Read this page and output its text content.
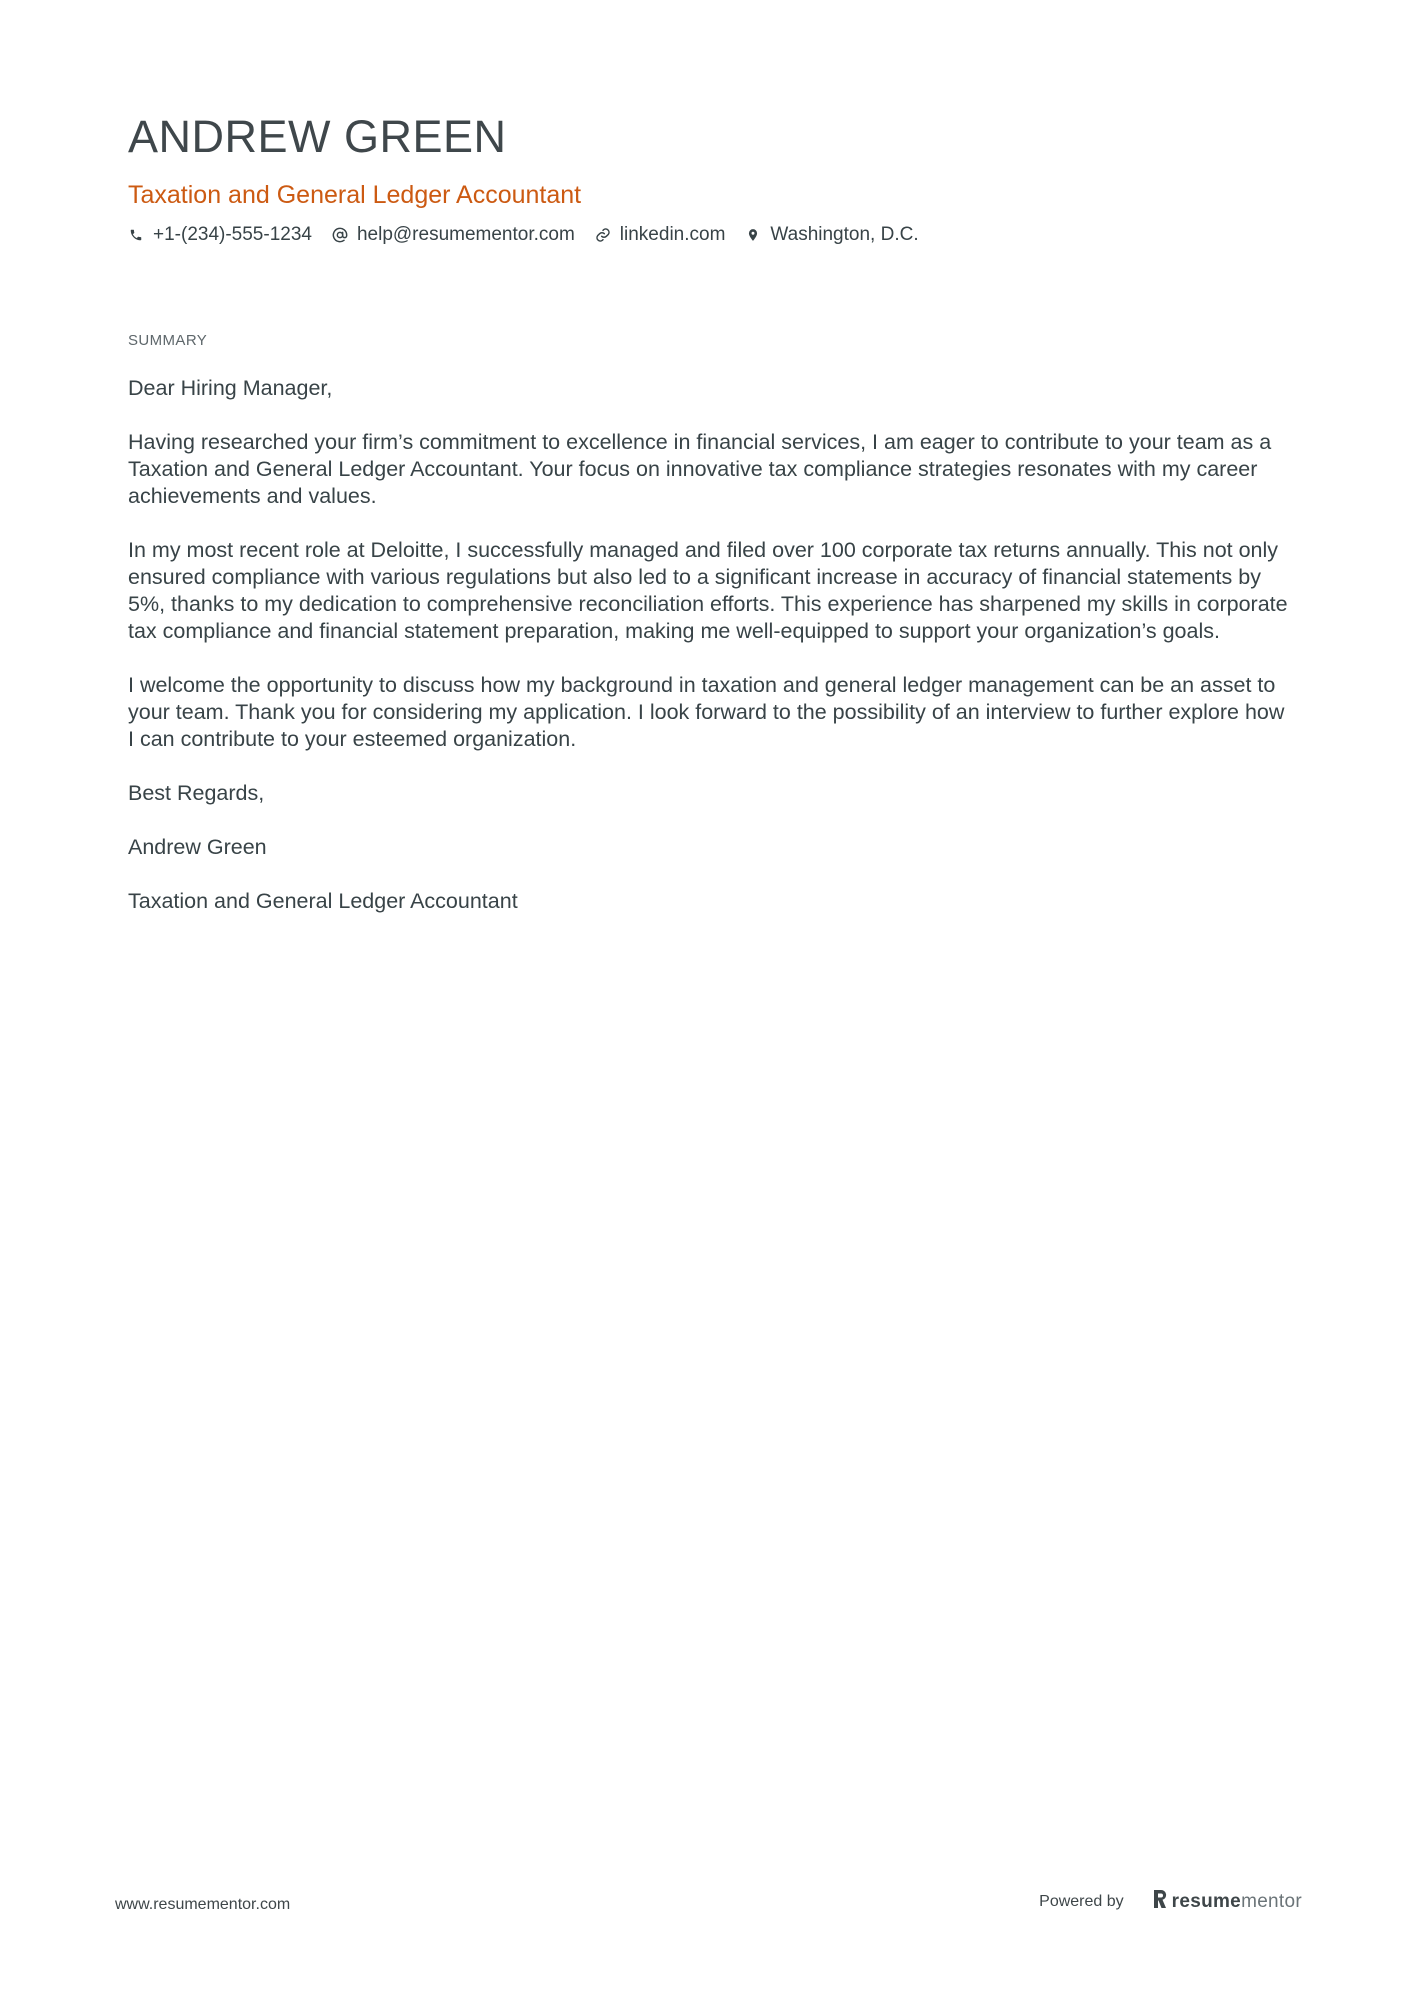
ANDREW GREEN
Taxation and General Ledger Accountant
+1-(234)-555-1234 help@resumementor.com linkedin.com Washington, D.C.
SUMMARY

Dear Hiring Manager,

Having researched your firm’s commitment to excellence in financial services, I am eager to contribute to your team as a Taxation and General Ledger Accountant. Your focus on innovative tax compliance strategies resonates with my career achievements and values.

In my most recent role at Deloitte, I successfully managed and filed over 100 corporate tax returns annually. This not only ensured compliance with various regulations but also led to a significant increase in accuracy of financial statements by 5%, thanks to my dedication to comprehensive reconciliation efforts. This experience has sharpened my skills in corporate tax compliance and financial statement preparation, making me well-equipped to support your organization’s goals.

I welcome the opportunity to discuss how my background in taxation and general ledger management can be an asset to your team. Thank you for considering my application. I look forward to the possibility of an interview to further explore how I can contribute to your esteemed organization.

Best Regards,

Andrew Green

Taxation and General Ledger Accountant

www.resumementor.com	Powered by	resume mentor
